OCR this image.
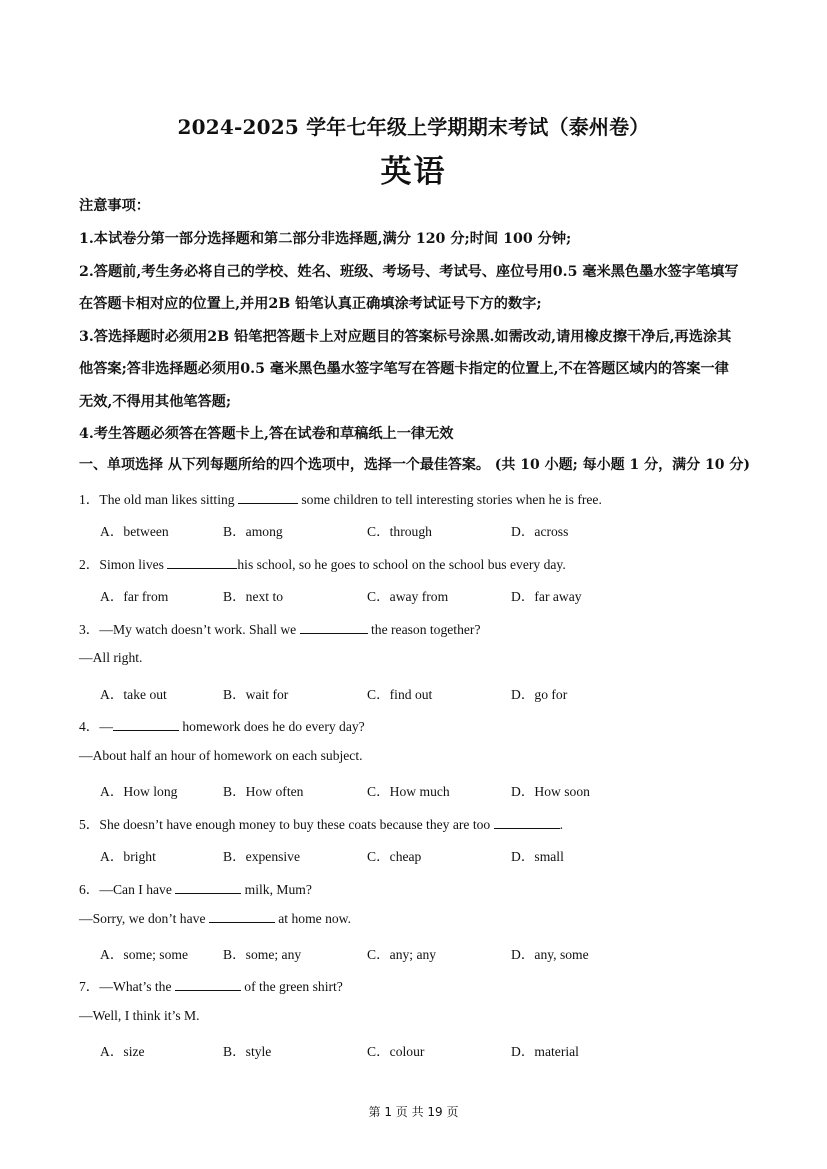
2024-2025 学年七年级上学期期末考试（泰州卷）
英语
注意事项：
1.本试卷分第一部分选择题和第二部分非选择题,满分 120 分;时间 100 分钟;
2.答题前,考生务必将自己的学校、姓名、班级、考场号、考试号、座位号用0.5 毫米黑色墨水签字笔填写
在答题卡相对应的位置上,并用2B 铅笔认真正确填涂考试证号下方的数字;
3.答选择题时必须用2B 铅笔把答题卡上对应题目的答案标号涂黑.如需改动,请用橡皮擦干净后,再选涂其
他答案;答非选择题必须用0.5 毫米黑色墨水签字笔写在答题卡指定的位置上,不在答题区域内的答案一律
无效,不得用其他笔答题;
4.考生答题必须答在答题卡上,答在试卷和草稿纸上一律无效
一、单项选择 从下列每题所给的四个选项中，选择一个最佳答案。 (共 10 小题; 每小题 1 分，满分 10 分)
1．The old man likes sitting	some children to tell interesting stories when he is free.
A．between	B．among	C．through	D．across
2．Simon lives	his school, so he goes to school on the school bus every day.
A．far from	B．next to	C．away from	D．far away
3．—My watch doesn’t work. Shall we	the reason together?
—All right.
A．take out	B．wait for	C．find out	D．go for
4．—	homework does he do every day?
—About half an hour of homework on each subject.
A．How long	B．How often	C．How much	D．How soon
5．She doesn’t have enough money to buy these coats because they are too	.
A．bright	B．expensive	C．cheap	D．small
6．—Can I have	milk, Mum?
—Sorry, we don’t have	at home now.
A．some; some	B．some; any	C．any; any	D．any, some
7．—What’s the	of the green shirt?
—Well, I think it’s M.
A．size	B．style	C．colour	D．material
第 1 页 共 19 页
